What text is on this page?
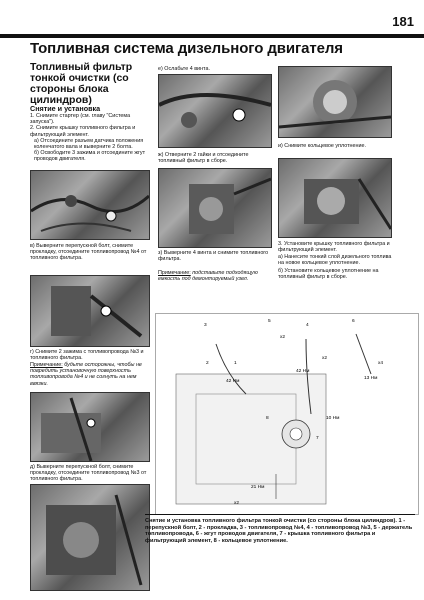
181
Топливная система дизельного двигателя
Топливный фильтр тонкой очистки (со стороны блока цилиндров)
Снятие и установка

1. Снимите стартер (см. главу "Система запуска").

2. Снимите крышку топливного фильтра и фильтрующий элемент.

а) Отсоедините разъем датчика положения коленчатого вала и выверните 2 болта.

б) Освободите 3 зажима и отсоедините жгут проводов двигателя.

в) Выверните перепускной болт, снимите прокладку, отсоедините топливопровод №4 от топливного фильтра.
г) Снимите 2 зажима с топливопровода №3 и топливного фильтра.
Примечание: будьте осторожны, чтобы не повредить установочную поверхность топливопровода №4 и не согнуть на нем ввязки.
д) Выверните перепускной болт, снимите прокладку, отсоедините топливопровод №3 от топливного фильтра.
е) Ослабьте 4 винта.
ж) Отверните 2 гайки и отсоедините топливный фильтр в сборе.
з) Выверните 4 винта и снимите топливного фильтра.
Примечание: подставьте подходящую емкость под демонтируемый узел.
и) Снимите кольцевое уплотнение.
3. Установите крышку топливного фильтра и фильтрующий элемент.
а) Нанесите тонкий слой дизельного топлива на новое кольцевое уплотнение.
б) Установите кольцевое уплотнение на топливный фильтр в сборе.
3
2	1
4
5	6
7
8
42 Нм
42 Нм
13 Нм
10 Нм
21 Нм
x2
x2
x4
x2
Снятие и установка топливного фильтра тонкой очистки (со стороны блока цилиндров). 1 - перепускной болт, 2 - прокладка, 3 - топливопровод №4, 4 - топливопровод №3, 5 - держатель топливопровода, 6 - жгут проводов двигателя, 7 - крышка топливного фильтра и фильтрующий элемент, 8 - кольцевое уплотнение.
